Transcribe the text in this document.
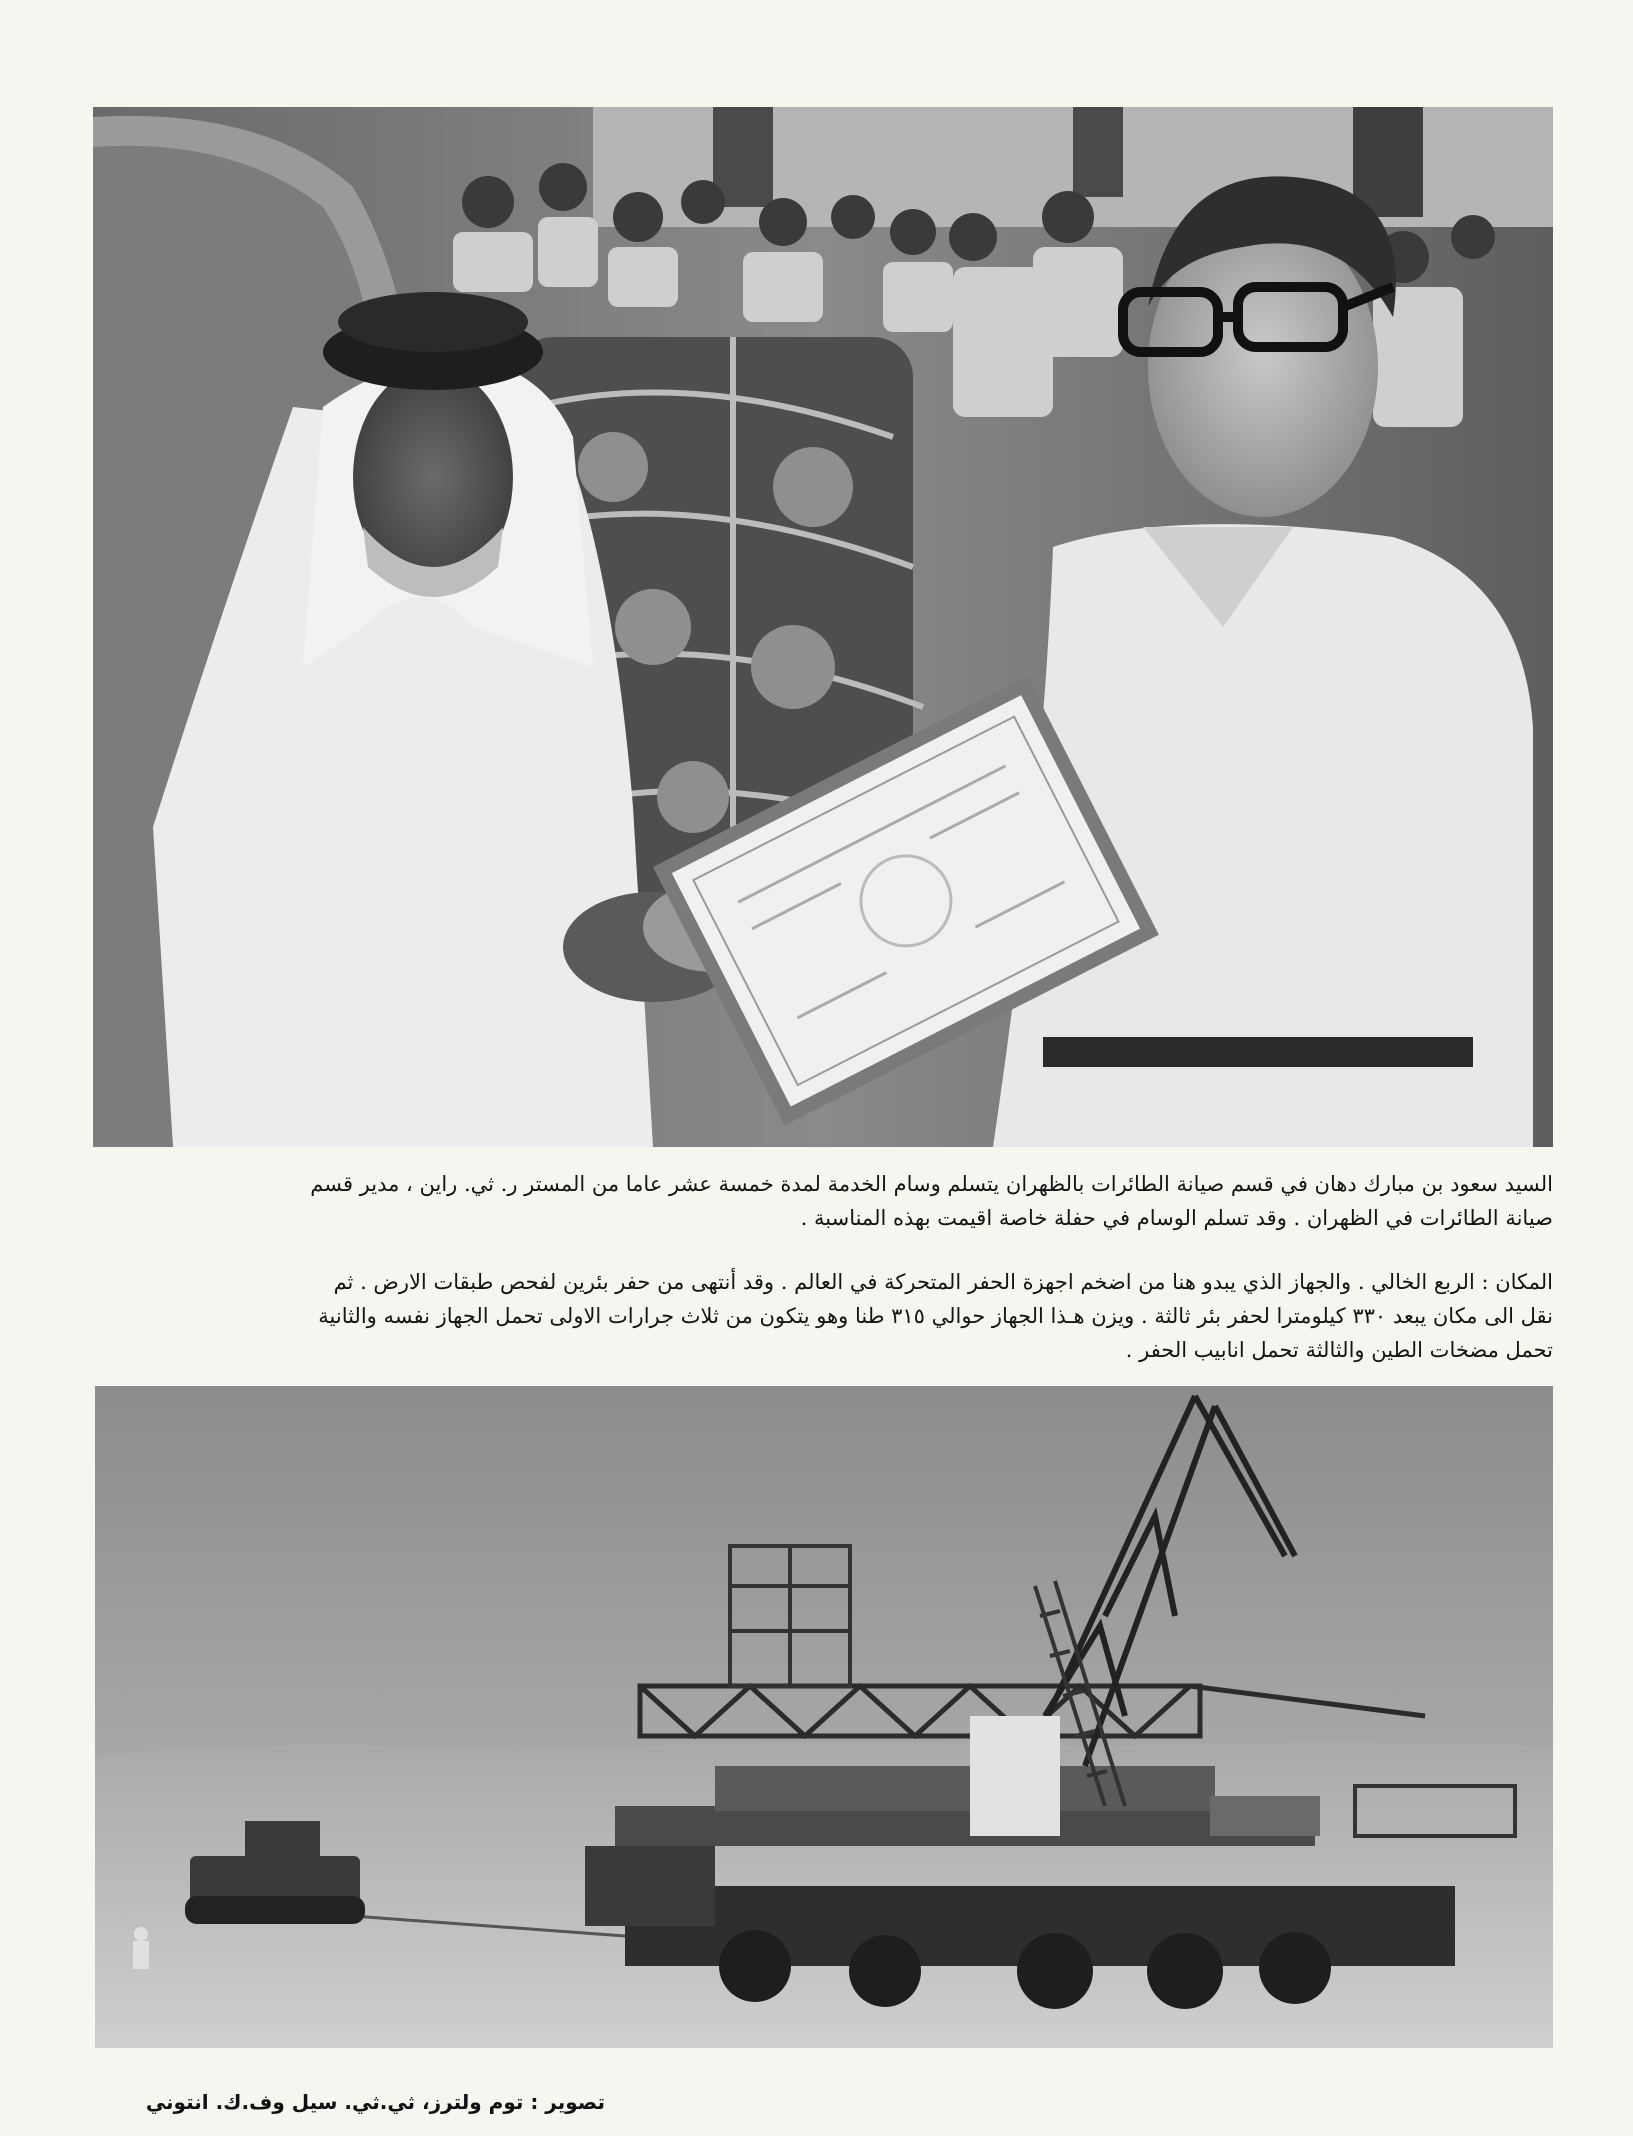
السيد سعود بن مبارك دهان في قسم صيانة الطائرات بالظهران يتسلم وسام الخدمة لمدة خمسة عشر عاما من المستر ر. ثي. راين ، مدير قسم

صيانة الطائرات في الظهران . وقد تسلم الوسام في حفلة خاصة اقيمت بهذه المناسبة .

المكان : الربع الخالي . والجهاز الذي يبدو هنا من اضخم اجهزة الحفر المتحركة في العالم . وقد أنتهى من حفر بئرين لفحص طبقات الارض . ثم

نقل الى مكان يبعد ٣٣٠ كيلومترا لحفر بئر ثالثة . ويزن هـذا الجهاز حوالي ٣١٥ طنا وهو يتكون من ثلاث جرارات الاولى تحمل الجهاز نفسه والثانية

تحمل مضخات الطين والثالثة تحمل انابيب الحفر .

تصوير : توم ولترز، ثي.ثي. سيل وف.ك. انتوني
